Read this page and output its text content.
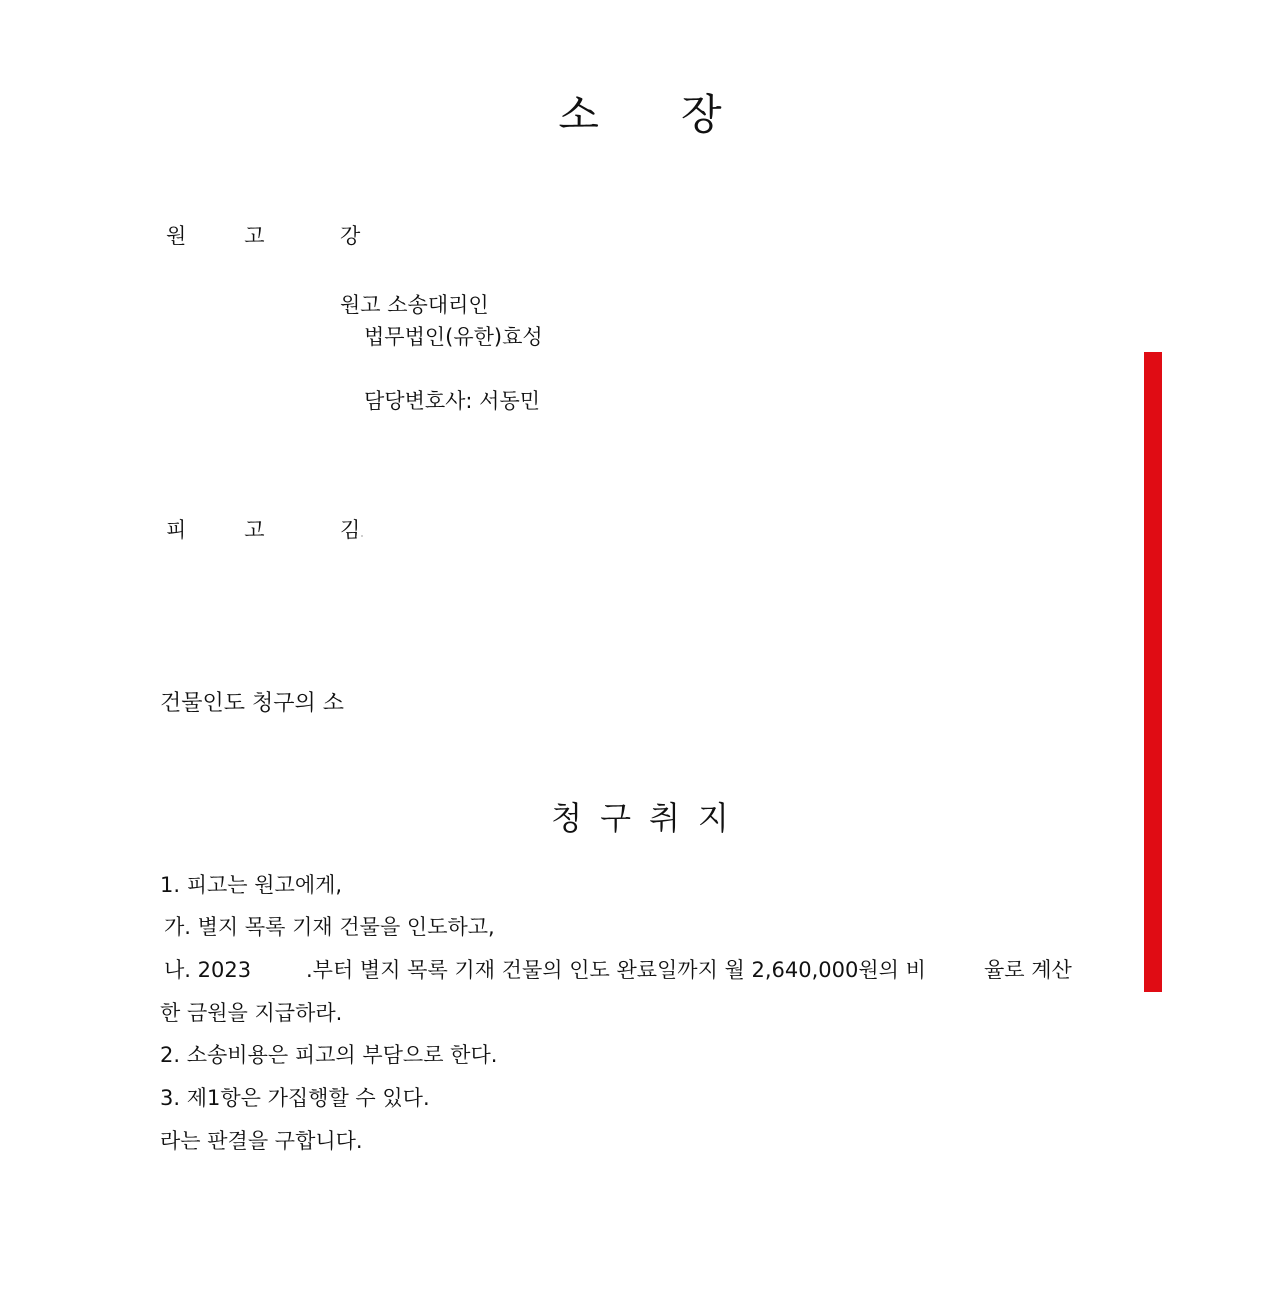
소 장
원	고	강
원고 소송대리인
법무법인(유한)효성
담당변호사: 서동민
피	고	김
건물인도 청구의 소
청 구 취 지
1. 피고는 원고에게,
가. 별지 목록 기재 건물을 인도하고,
나. 2023	.부터 별지 목록 기재 건물의 인도 완료일까지 월 2,640,000원의 비	율로 계산
한 금원을 지급하라.
2. 소송비용은 피고의 부담으로 한다.
3. 제1항은 가집행할 수 있다.
라는 판결을 구합니다.
